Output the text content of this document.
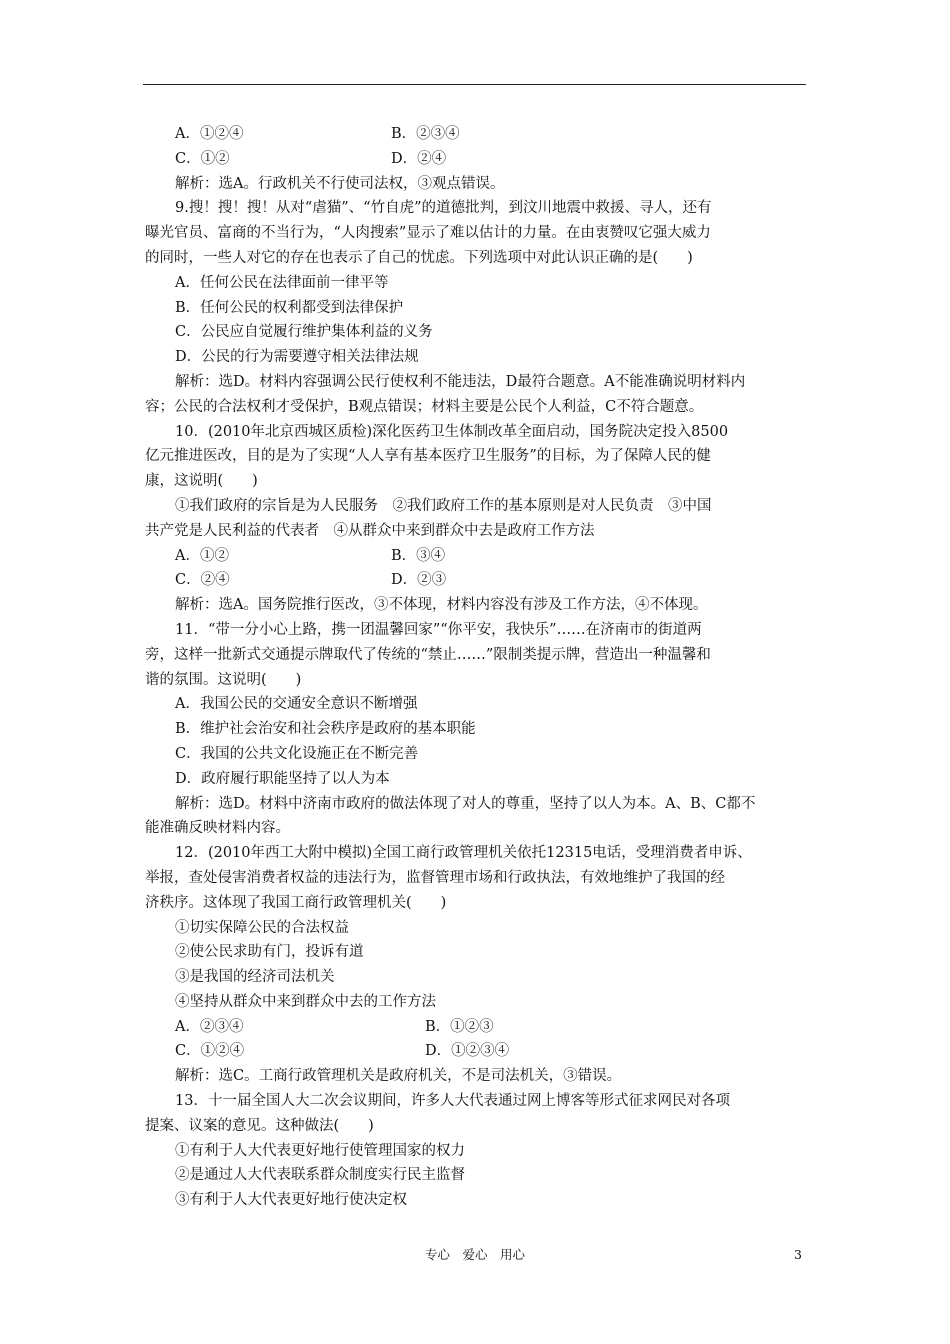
A．①②④	B．②③④
C．①②	D．②④
解析：选A。行政机关不行使司法权，③观点错误。
9.搜！搜！搜！从对“虐猫”、“竹自虎”的道德批判，到汶川地震中救援、寻人，还有
曝光官员、富商的不当行为，“人肉搜索”显示了难以估计的力量。在由衷赞叹它强大威力
的同时，一些人对它的存在也表示了自己的忧虑。下列选项中对此认识正确的是(　　)
A．任何公民在法律面前一律平等
B．任何公民的权利都受到法律保护
C．公民应自觉履行维护集体利益的义务
D．公民的行为需要遵守相关法律法规
解析：选D。材料内容强调公民行使权利不能违法，D最符合题意。A不能准确说明材料内
容；公民的合法权利才受保护，B观点错误；材料主要是公民个人利益，C不符合题意。
10．(2010年北京西城区质检)深化医药卫生体制改革全面启动，国务院决定投入8500
亿元推进医改，目的是为了实现“人人享有基本医疗卫生服务”的目标，为了保障人民的健
康，这说明(　　)
①我们政府的宗旨是为人民服务　②我们政府工作的基本原则是对人民负责　③中国
共产党是人民利益的代表者　④从群众中来到群众中去是政府工作方法
A．①②	B．③④
C．②④	D．②③
解析：选A。国务院推行医改，③不体现，材料内容没有涉及工作方法，④不体现。
11．“带一分小心上路，携一团温馨回家”“你平安，我快乐”……在济南市的街道两
旁，这样一批新式交通提示牌取代了传统的“禁止……”限制类提示牌，营造出一种温馨和
谐的氛围。这说明(　　)
A．我国公民的交通安全意识不断增强
B．维护社会治安和社会秩序是政府的基本职能
C．我国的公共文化设施正在不断完善
D．政府履行职能坚持了以人为本
解析：选D。材料中济南市政府的做法体现了对人的尊重，坚持了以人为本。A、B、C都不
能准确反映材料内容。
12．(2010年西工大附中模拟)全国工商行政管理机关依托12315电话，受理消费者申诉、
举报，查处侵害消费者权益的违法行为，监督管理市场和行政执法，有效地维护了我国的经
济秩序。这体现了我国工商行政管理机关(　　)
①切实保障公民的合法权益
②使公民求助有门，投诉有道
③是我国的经济司法机关
④坚持从群众中来到群众中去的工作方法
A．②③④	B．①②③
C．①②④	D．①②③④
解析：选C。工商行政管理机关是政府机关，不是司法机关，③错误。
13．十一届全国人大二次会议期间，许多人大代表通过网上博客等形式征求网民对各项
提案、议案的意见。这种做法(　　)
①有利于人大代表更好地行使管理国家的权力
②是通过人大代表联系群众制度实行民主监督
③有利于人大代表更好地行使决定权
专心　爱心　用心	3
